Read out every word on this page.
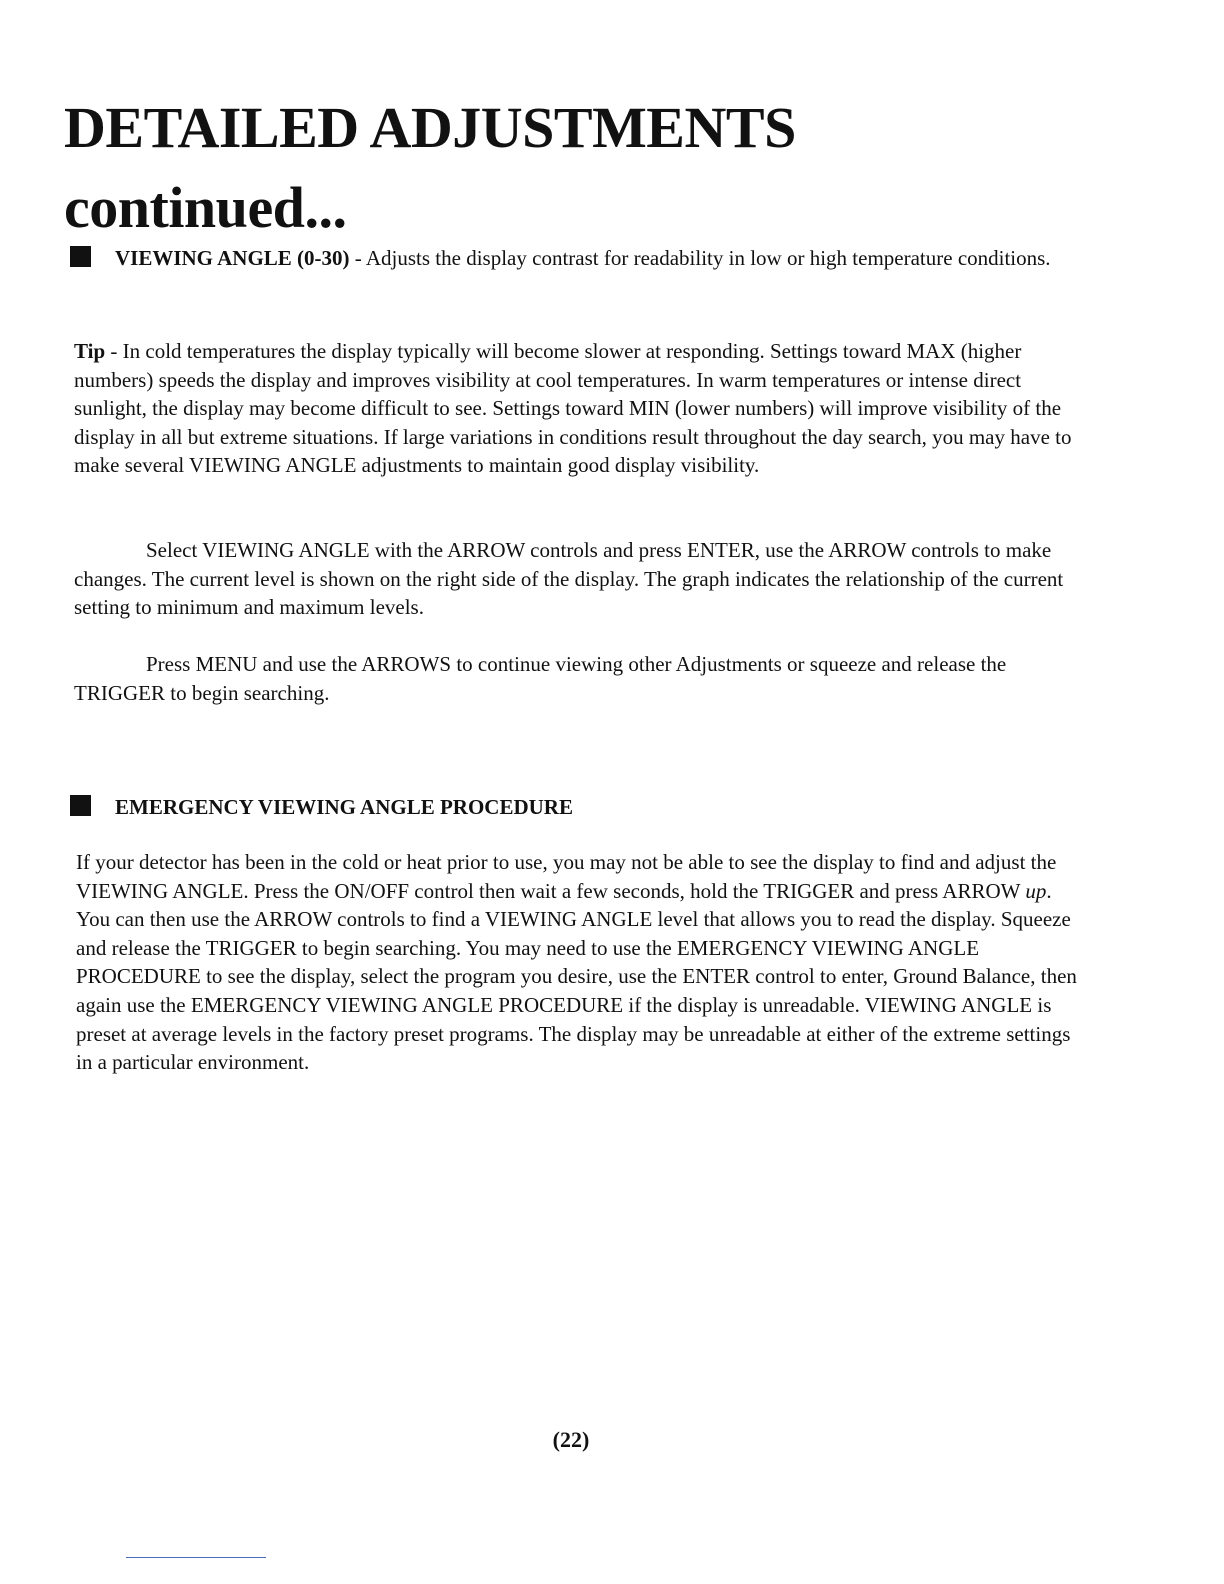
DETAILED ADJUSTMENTS
continued...

VIEWING ANGLE (0-30) - Adjusts the display contrast for readability in low or high temperature conditions.

Tip - In cold temperatures the display typically will become slower at responding. Settings toward MAX (higher numbers) speeds the display and improves visibility at cool temperatures. In warm temperatures or intense direct sunlight, the display may become difficult to see. Settings toward MIN (lower numbers) will improve visibility of the display in all but extreme situations. If large variations in conditions result throughout the day search, you may have to make several VIEWING ANGLE adjustments to maintain good display visibility.

Select VIEWING ANGLE with the ARROW controls and press ENTER, use the ARROW controls to make changes. The current level is shown on the right side of the display. The graph indicates the relationship of the current setting to minimum and maximum levels.

Press MENU and use the ARROWS to continue viewing other Adjustments or squeeze and release the TRIGGER to begin searching.

EMERGENCY VIEWING ANGLE PROCEDURE

If your detector has been in the cold or heat prior to use, you may not be able to see the display to find and adjust the VIEWING ANGLE. Press the ON/OFF control then wait a few seconds, hold the TRIGGER and press ARROW up. You can then use the ARROW controls to find a VIEWING ANGLE level that allows you to read the display. Squeeze and release the TRIGGER to begin searching. You may need to use the EMERGENCY VIEWING ANGLE PROCEDURE to see the display, select the program you desire, use the ENTER control to enter, Ground Balance, then again use the EMERGENCY VIEWING ANGLE PROCEDURE if the display is unreadable. VIEWING ANGLE is preset at average levels in the factory preset programs. The display may be unreadable at either of the extreme settings in a particular environment.

(22)
